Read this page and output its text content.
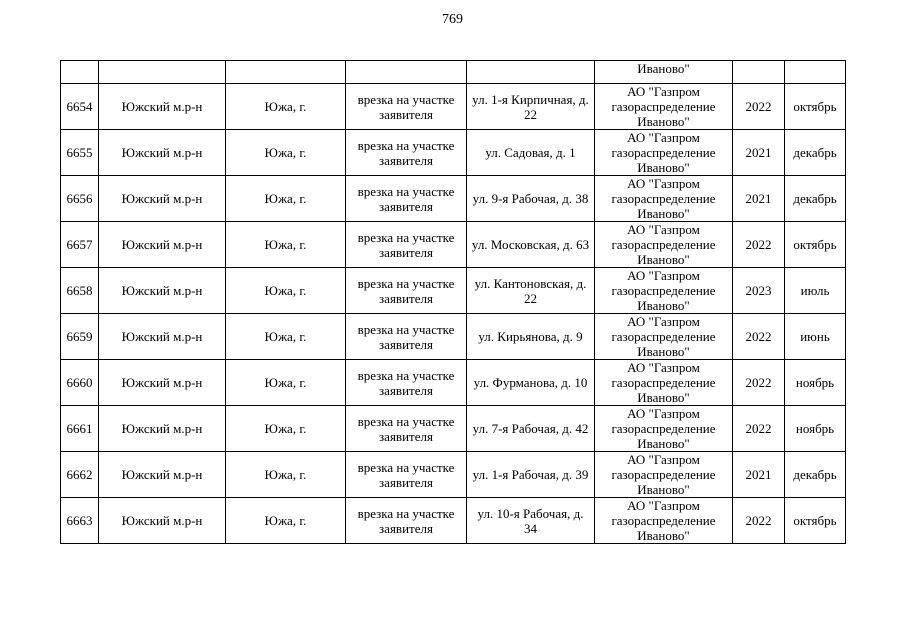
769
					Иваново"		
6654	Южский м.р-н	Южа, г.	врезка на участке заявителя	ул. 1-я Кирпичная, д. 22	АО "Газпром газораспределение Иваново"	2022	октябрь
6655	Южский м.р-н	Южа, г.	врезка на участке заявителя	ул. Садовая, д. 1	АО "Газпром газораспределение Иваново"	2021	декабрь
6656	Южский м.р-н	Южа, г.	врезка на участке заявителя	ул. 9-я Рабочая, д. 38	АО "Газпром газораспределение Иваново"	2021	декабрь
6657	Южский м.р-н	Южа, г.	врезка на участке заявителя	ул. Московская, д. 63	АО "Газпром газораспределение Иваново"	2022	октябрь
6658	Южский м.р-н	Южа, г.	врезка на участке заявителя	ул. Кантоновская, д. 22	АО "Газпром газораспределение Иваново"	2023	июль
6659	Южский м.р-н	Южа, г.	врезка на участке заявителя	ул. Кирьянова, д. 9	АО "Газпром газораспределение Иваново"	2022	июнь
6660	Южский м.р-н	Южа, г.	врезка на участке заявителя	ул. Фурманова, д. 10	АО "Газпром газораспределение Иваново"	2022	ноябрь
6661	Южский м.р-н	Южа, г.	врезка на участке заявителя	ул. 7-я Рабочая, д. 42	АО "Газпром газораспределение Иваново"	2022	ноябрь
6662	Южский м.р-н	Южа, г.	врезка на участке заявителя	ул. 1-я Рабочая, д. 39	АО "Газпром газораспределение Иваново"	2021	декабрь
6663	Южский м.р-н	Южа, г.	врезка на участке заявителя	ул. 10-я Рабочая, д. 34	АО "Газпром газораспределение Иваново"	2022	октябрь
